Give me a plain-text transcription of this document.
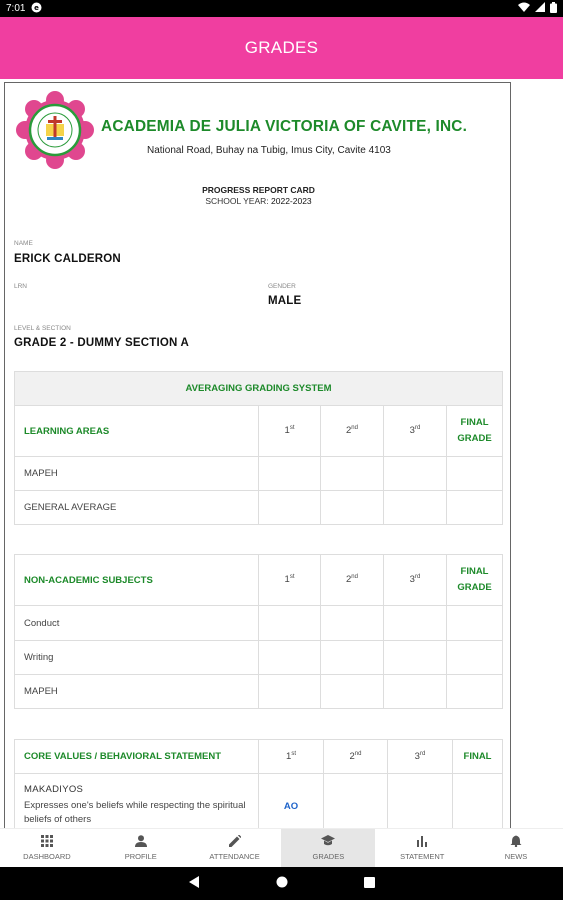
7:01 e
GRADES
ACADEMIA DE JULIA VICTORIA OF CAVITE, INC.
National Road, Buhay na Tubig, Imus City, Cavite 4103
PROGRESS REPORT CARD
SCHOOL YEAR: 2022-2023
NAME
ERICK CALDERON
LRN	GENDER
MALE
LEVEL & SECTION
GRADE 2 - DUMMY SECTION A
AVERAGING GRADING SYSTEM				
LEARNING AREAS	1st	2nd	3rd	FINAL
GRADE
MAPEH				
GENERAL AVERAGE				
NON-ACADEMIC SUBJECTS	1st	2nd	3rd	FINAL
GRADE
Conduct				
Writing				
MAPEH				
CORE VALUES / BEHAVIORAL STATEMENT	1st	2nd	3rd	FINAL

MAKADIYOS
Expresses one's beliefs while respecting the spiritual beliefs of others	AO			
DASHBOARD	PROFILE	ATTENDANCE	GRADES	STATEMENT	NEWS
